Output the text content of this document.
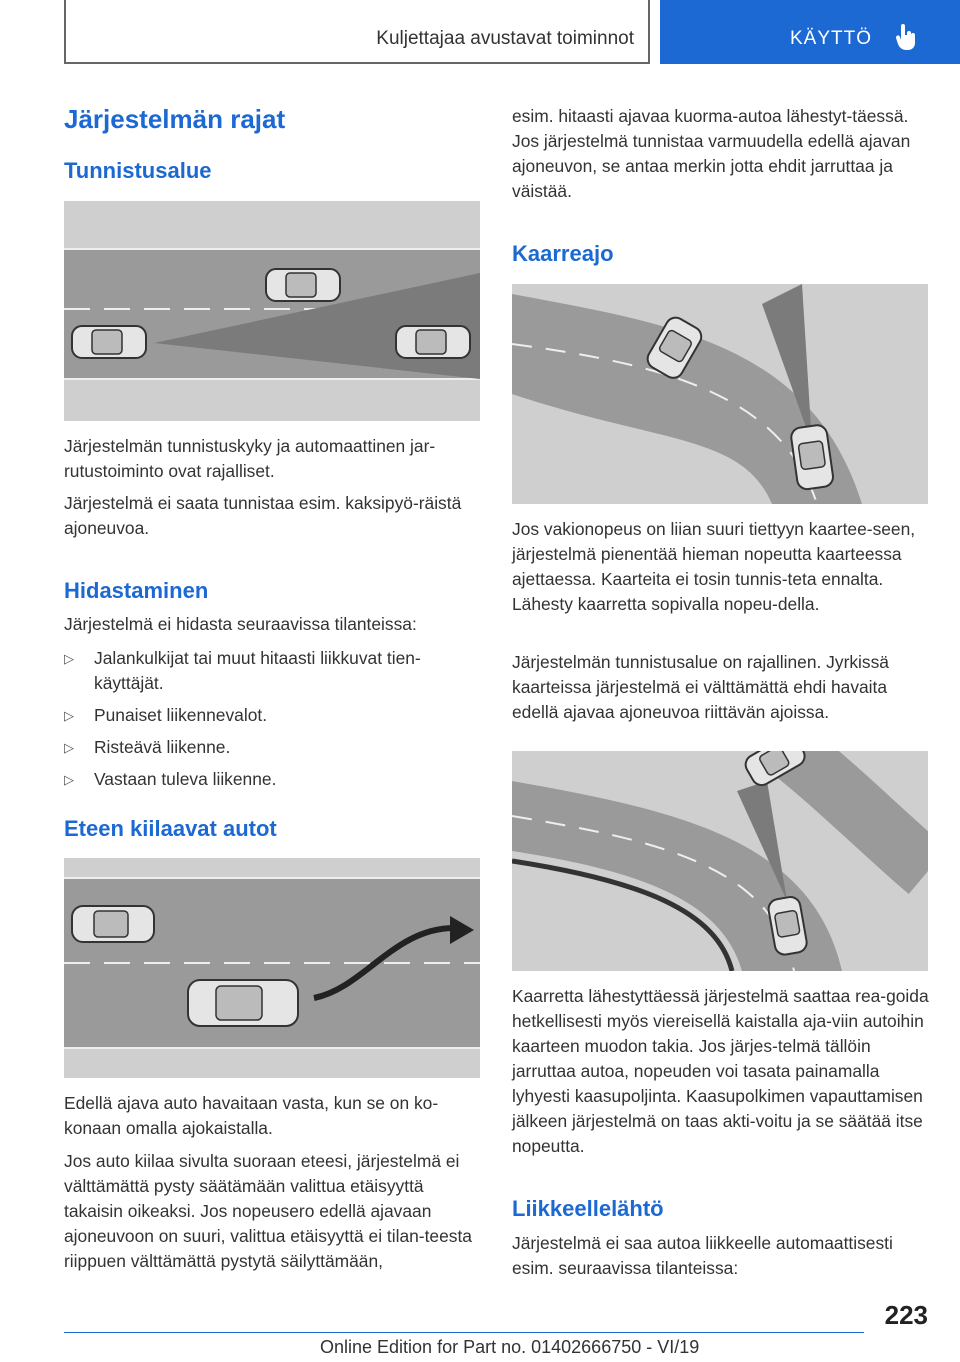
Kuljettajaa avustavat toiminnot	KÄYTTÖ
Järjestelmän rajat
Tunnistusalue
Järjestelmän tunnistuskyky ja automaattinen jar-rutustoiminto ovat rajalliset.
Järjestelmä ei saata tunnistaa esim. kaksipyö-räistä ajoneuvoa.
Hidastaminen
Järjestelmä ei hidasta seuraavissa tilanteissa:
▷ Jalankulkijat tai muut hitaasti liikkuvat tien-käyttäjät.
▷ Punaiset liikennevalot.
▷ Risteävä liikenne.
▷ Vastaan tuleva liikenne.
Eteen kiilaavat autot
Edellä ajava auto havaitaan vasta, kun se on ko-konaan omalla ajokaistalla.
Jos auto kiilaa sivulta suoraan eteesi, järjestelmä ei välttämättä pysty säätämään valittua etäisyyttä takaisin oikeaksi. Jos nopeusero edellä ajavaan ajoneuvoon on suuri, valittua etäisyyttä ei tilan-teesta riippuen välttämättä pystytä säilyttämään,
esim. hitaasti ajavaa kuorma-autoa lähestyt-täessä. Jos järjestelmä tunnistaa varmuudella edellä ajavan ajoneuvon, se antaa merkin jotta ehdit jarruttaa ja väistää.
Kaarreajo
Jos vakionopeus on liian suuri tiettyyn kaartee-seen, järjestelmä pienentää hieman nopeutta kaarteessa ajettaessa. Kaarteita ei tosin tunnis-teta ennalta. Lähesty kaarretta sopivalla nopeu-della.
Järjestelmän tunnistusalue on rajallinen. Jyrkissä kaarteissa järjestelmä ei välttämättä ehdi havaita edellä ajavaa ajoneuvoa riittävän ajoissa.
Kaarretta lähestyttäessä järjestelmä saattaa rea-goida hetkellisesti myös viereisellä kaistalla aja-viin autoihin kaarteen muodon takia. Jos järjes-telmä tällöin jarruttaa autoa, nopeuden voi tasata painamalla lyhyesti kaasupoljinta. Kaasupolkimen vapauttamisen jälkeen järjestelmä on taas akti-voitu ja se säätää itse nopeutta.
Liikkeellelähtö
Järjestelmä ei saa autoa liikkeelle automaattisesti esim. seuraavissa tilanteissa:
223
Online Edition for Part no. 01402666750 - VI/19
